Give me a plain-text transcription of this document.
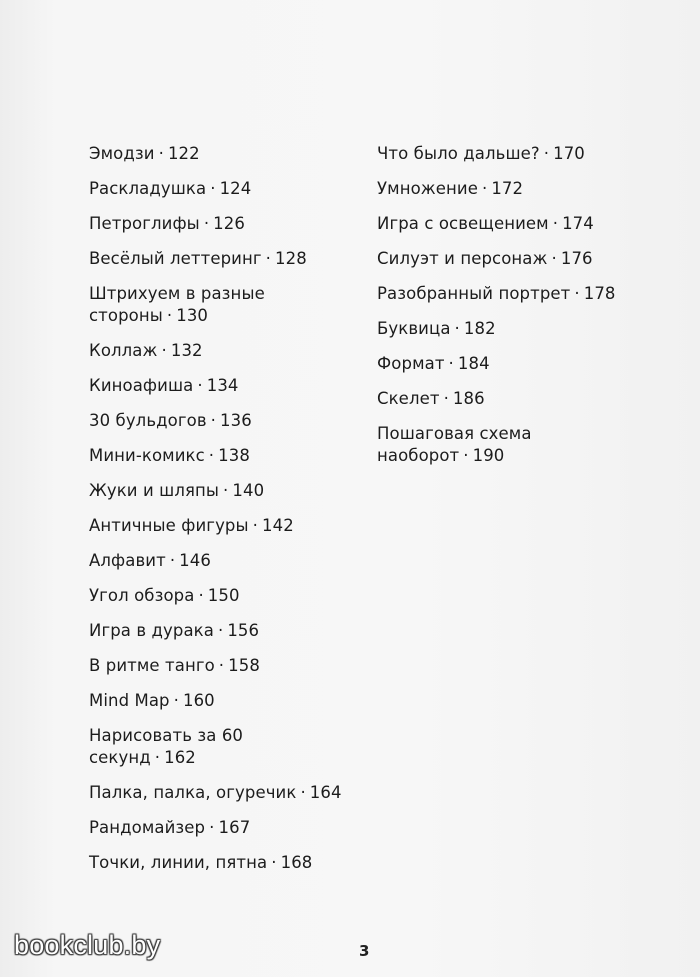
Эмодзи · 122
Раскладушка · 124
Петроглифы · 126
Весёлый леттеринг · 128
Штрихуем в разные стороны · 130
Коллаж · 132
Киноафиша · 134
30 бульдогов · 136
Мини-комикс · 138
Жуки и шляпы · 140
Античные фигуры · 142
Алфавит · 146
Угол обзора · 150
Игра в дурака · 156
В ритме танго · 158
Mind Map · 160
Нарисовать за 60 секунд · 162
Палка, палка, огуречик · 164
Рандомайзер · 167
Точки, линии, пятна · 168
Что было дальше? · 170
Умножение · 172
Игра с освещением · 174
Силуэт и персонаж · 176
Разобранный портрет · 178
Буквица · 182
Формат · 184
Скелет · 186
Пошаговая схема наоборот · 190
3
bookclub.by
